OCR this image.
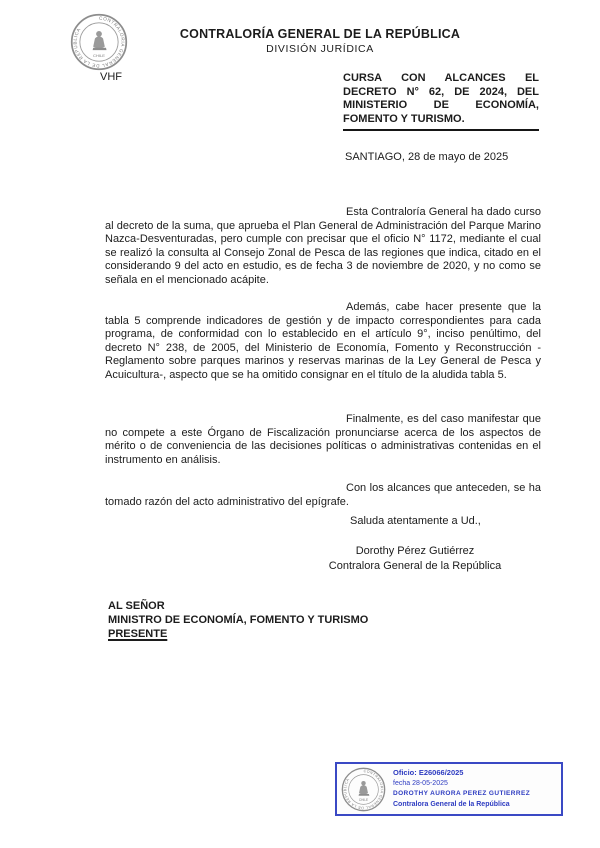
CONTRALORÍA GENERAL DE LA REPÚBLICA
DIVISIÓN JURÍDICA
VHF	CURSA CON ALCANCES EL DECRETO N° 62, DE 2024, DEL MINISTERIO DE ECONOMÍA, FOMENTO Y TURISMO.
SANTIAGO, 28 de mayo de 2025

Esta Contraloría General ha dado curso al decreto de la suma, que aprueba el Plan General de Administración del Parque Marino Nazca-Desventuradas, pero cumple con precisar que el oficio N° 1172, mediante el cual se realizó la consulta al Consejo Zonal de Pesca de las regiones que indica, citado en el considerando 9 del acto en estudio, es de fecha 3 de noviembre de 2020, y no como se señala en el mencionado acápite.

Además, cabe hacer presente que la tabla 5 comprende indicadores de gestión y de impacto correspondientes para cada programa, de conformidad con lo establecido en el artículo 9°, inciso penúltimo, del decreto N° 238, de 2005, del Ministerio de Economía, Fomento y Reconstrucción -Reglamento sobre parques marinos y reservas marinas de la Ley General de Pesca y Acuicultura-, aspecto que se ha omitido consignar en el título de la aludida tabla 5.

Finalmente, es del caso manifestar que no compete a este Órgano de Fiscalización pronunciarse acerca de los aspectos de mérito o de conveniencia de las decisiones políticas o administrativas contenidas en el instrumento en análisis.

Con los alcances que anteceden, se ha tomado razón del acto administrativo del epígrafe.

Saluda atentamente a Ud.,
Dorothy Pérez Gutiérrez
Contralora General de la República
AL SEÑOR
MINISTRO DE ECONOMÍA, FOMENTO Y TURISMO
PRESENTE
Oficio: E26066/2025
fecha 28-05-2025
DOROTHY AURORA PEREZ GUTIERREZ
Contralora General de la República
